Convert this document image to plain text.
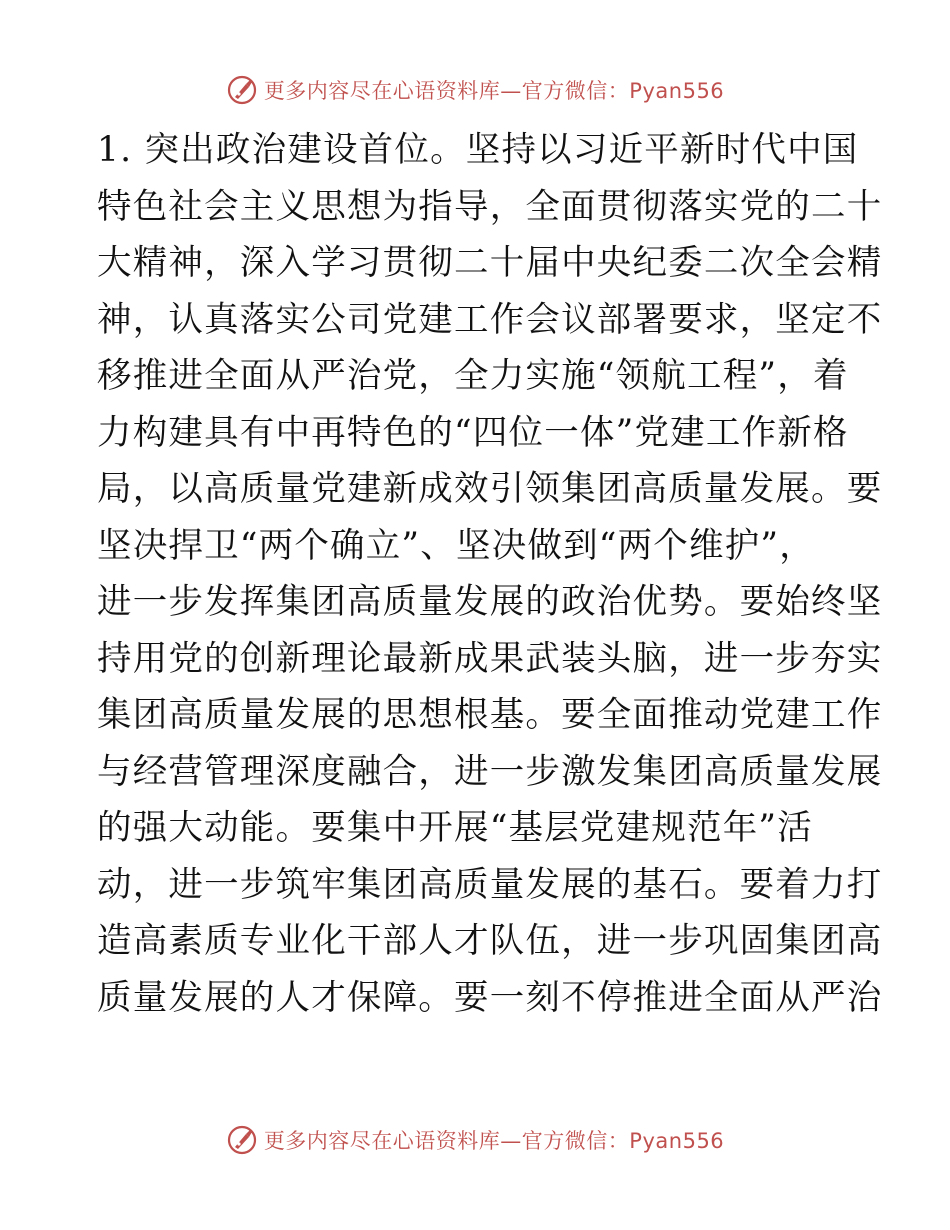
更多内容尽在心语资料库—官方微信：Pyan556
1. 突出政治建设首位。坚持以习近平新时代中国
特色社会主义思想为指导，全面贯彻落实党的二十
大精神，深入学习贯彻二十届中央纪委二次全会精
神，认真落实公司党建工作会议部署要求，坚定不
移推进全面从严治党，全力实施“领航工程”，着
力构建具有中再特色的“四位一体”党建工作新格
局，以高质量党建新成效引领集团高质量发展。要
坚决捍卫“两个确立”、坚决做到“两个维护”，
进一步发挥集团高质量发展的政治优势。要始终坚
持用党的创新理论最新成果武装头脑，进一步夯实
集团高质量发展的思想根基。要全面推动党建工作
与经营管理深度融合，进一步激发集团高质量发展
的强大动能。要集中开展“基层党建规范年”活
动，进一步筑牢集团高质量发展的基石。要着力打
造高素质专业化干部人才队伍，进一步巩固集团高
质量发展的人才保障。要一刻不停推进全面从严治
更多内容尽在心语资料库—官方微信：Pyan556
